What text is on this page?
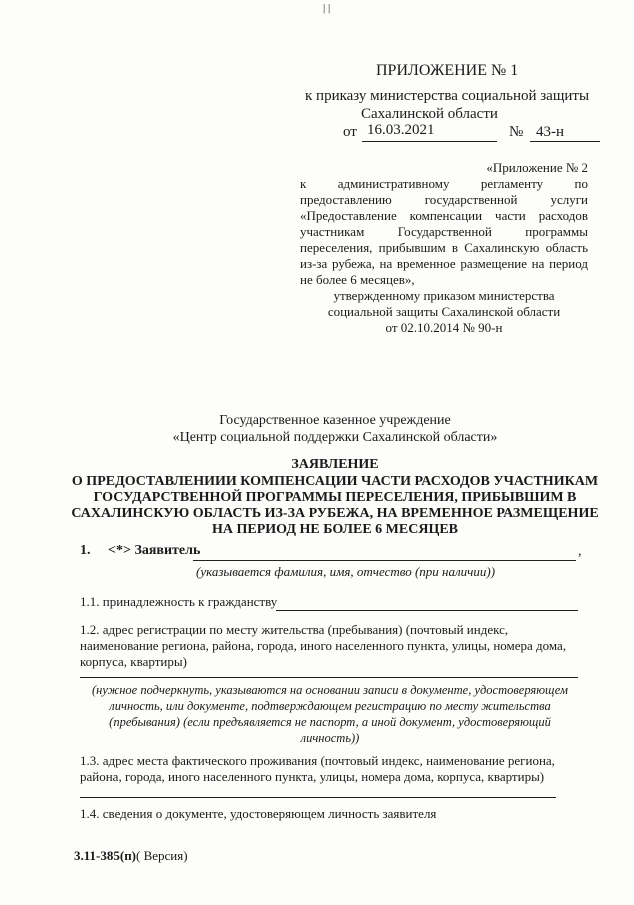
| |
ПРИЛОЖЕНИЕ № 1
к приказу министерства социальной защиты
Сахалинской области
от 16.03.2021	№ 43-н
«Приложение № 2
к административному регламенту по
предоставлению государственной услуги
«Предоставление компенсации части расходов
участникам Государственной программы
переселения, прибывшим в Сахалинскую область
из-за рубежа, на временное размещение на период
не более 6 месяцев»,
утвержденному приказом министерства
социальной защиты Сахалинской области
от 02.10.2014 № 90-н
Государственное казенное учреждение
«Центр социальной поддержки Сахалинской области»
ЗАЯВЛЕНИЕ
О ПРЕДОСТАВЛЕНИИИ КОМПЕНСАЦИИ ЧАСТИ РАСХОДОВ УЧАСТНИКАМ
ГОСУДАРСТВЕННОЙ ПРОГРАММЫ ПЕРЕСЕЛЕНИЯ, ПРИБЫВШИМ В
САХАЛИНСКУЮ ОБЛАСТЬ ИЗ-ЗА РУБЕЖА, НА ВРЕМЕННОЕ РАЗМЕЩЕНИЕ
НА ПЕРИОД НЕ БОЛЕЕ 6 МЕСЯЦЕВ
1. <*> Заявитель	,
(указывается фамилия, имя, отчество (при наличии))
1.1. принадлежность к гражданству
1.2. адрес регистрации по месту жительства (пребывания) (почтовый индекс,
наименование региона, района, города, иного населенного пункта, улицы, номера дома,
корпуса, квартиры)
(нужное подчеркнуть, указываются на основании записи в документе, удостоверяющем
личность, или документе, подтверждающем регистрацию по месту жительства
(пребывания) (если предъявляется не паспорт, а иной документ, удостоверяющий
личность))
1.3. адрес места фактического проживания (почтовый индекс, наименование региона,
района, города, иного населенного пункта, улицы, номера дома, корпуса, квартиры)
1.4. сведения о документе, удостоверяющем личность заявителя
3.11-385(п)( Версия)
